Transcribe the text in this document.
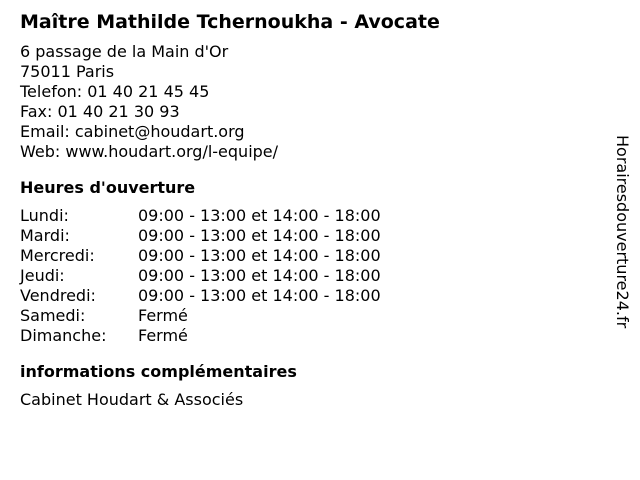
Maître Mathilde Tchernoukha - Avocate
6 passage de la Main d'Or
75011 Paris
Telefon: 01 40 21 45 45
Fax: 01 40 21 30 93
Email: cabinet@houdart.org
Web: www.houdart.org/l-equipe/
Heures d'ouverture
Lundi:	09:00 - 13:00 et 14:00 - 18:00
Mardi:	09:00 - 13:00 et 14:00 - 18:00
Mercredi:	09:00 - 13:00 et 14:00 - 18:00
Jeudi:	09:00 - 13:00 et 14:00 - 18:00
Vendredi:	09:00 - 13:00 et 14:00 - 18:00
Samedi:	Fermé
Dimanche:	Fermé
informations complémentaires
Cabinet Houdart & Associés
Horairesdouverture24.fr
